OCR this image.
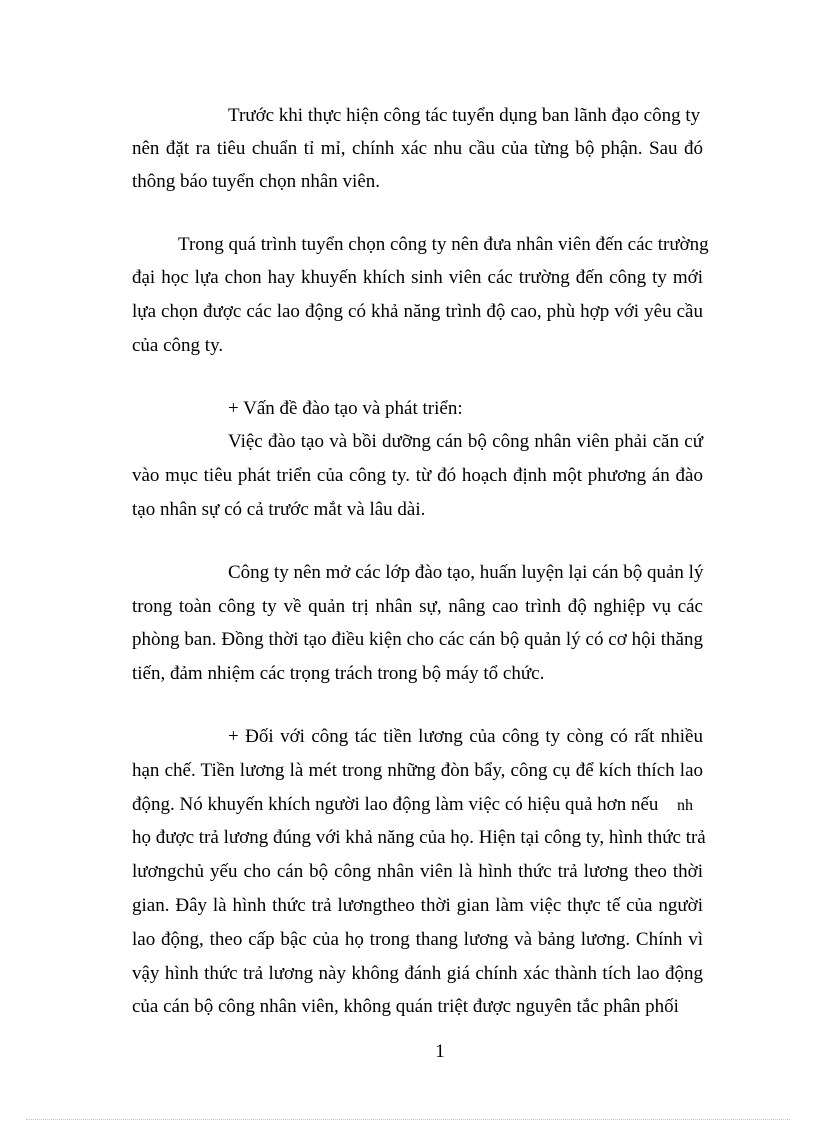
Trước khi thực hiện công tác tuyển dụng ban lãnh đạo công ty
nên đặt ra tiêu chuẩn tỉ mỉ, chính xác nhu cầu của từng bộ phận. Sau đó
thông báo tuyển chọn nhân viên.
Trong quá trình tuyển chọn công ty nên đưa nhân viên đến các trường
đại học lựa chon hay khuyến khích sinh viên các trường đến công ty mới
lựa chọn được các lao động có khả năng trình độ cao, phù hợp với yêu cầu
của công ty.
+ Vấn đề đào tạo và phát triển:
Việc đào tạo và bồi dưỡng cán bộ công nhân viên phải căn cứ
vào mục tiêu phát triển của công ty. từ đó hoạch định một phương án đào
tạo nhân sự có cả trước mắt và lâu dài.
Công ty nên mở các lớp đào tạo, huấn luyện lại cán bộ quản lý
trong toàn công ty về quản trị nhân sự, nâng cao trình độ nghiệp vụ các
phòng ban. Đồng thời tạo điều kiện cho các cán bộ quản lý có cơ hội thăng
tiến, đảm nhiệm các trọng trách trong bộ máy tổ chức.
+ Đối với công tác tiền lương của công ty còng có rất nhiều
hạn chế. Tiền lương là mét trong những đòn bẩy, công cụ để kích thích lao
động. Nó khuyến khích người lao động làm việc có hiệu quả hơn nếu	nh
họ được trả lương đúng với khả năng của họ. Hiện tại công ty, hình thức trả
lươngchủ yếu cho cán bộ công nhân viên là hình thức trả lương theo thời
gian. Đây là hình thức trả lươngtheo thời gian làm việc thực tế của người
lao động, theo cấp bậc của họ trong thang lương và bảng lương. Chính vì
vậy hình thức trả lương này không đánh giá chính xác thành tích lao động
của cán bộ công nhân viên, không quán triệt được nguyên tắc phân phối
1
